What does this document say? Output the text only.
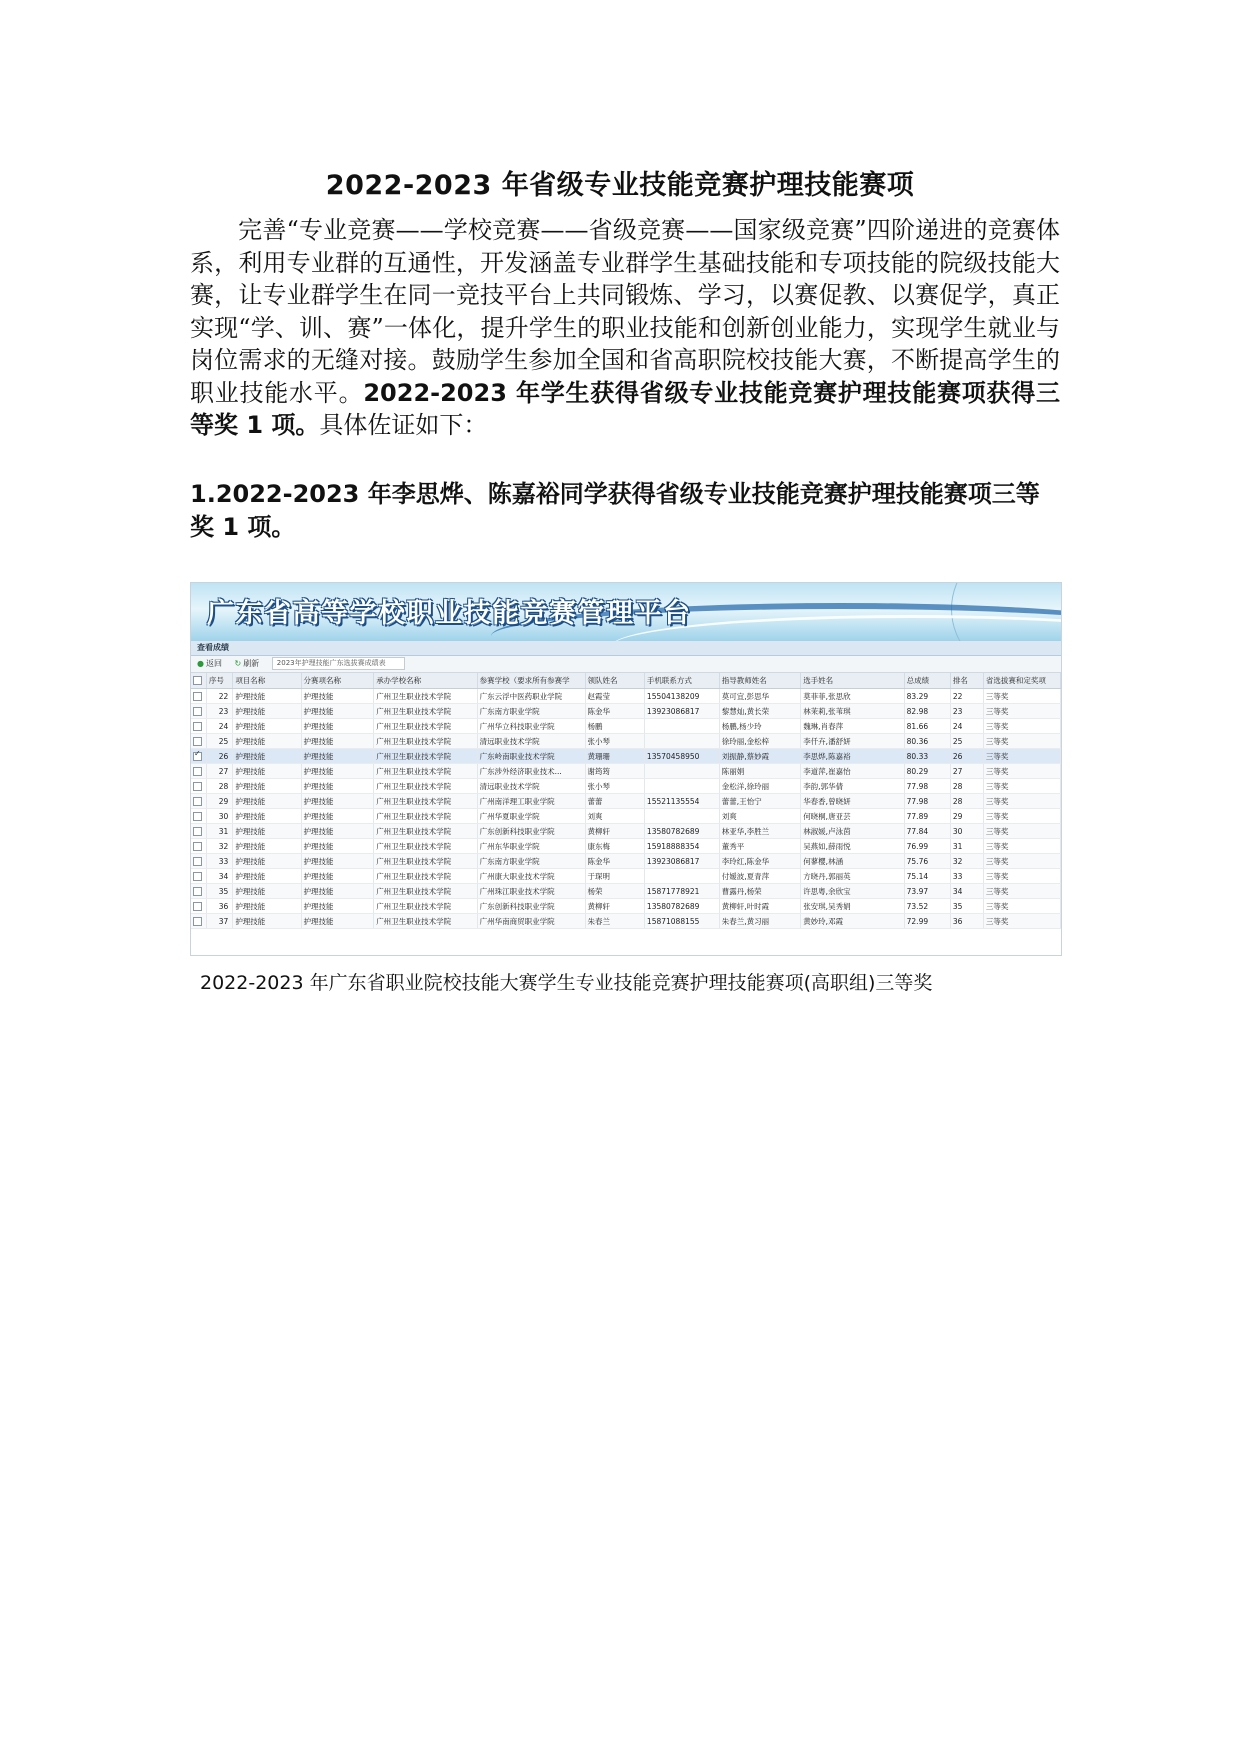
2022-2023 年省级专业技能竞赛护理技能赛项
完善“专业竞赛——学校竞赛——省级竞赛——国家级竞赛”四阶递进的竞赛体系，利用专业群的互通性，开发涵盖专业群学生基础技能和专项技能的院级技能大赛，让专业群学生在同一竞技平台上共同锻炼、学习，以赛促教、以赛促学，真正实现“学、训、赛”一体化，提升学生的职业技能和创新创业能力，实现学生就业与岗位需求的无缝对接。鼓励学生参加全国和省高职院校技能大赛，不断提高学生的职业技能水平。2022-2023 年学生获得省级专业技能竞赛护理技能赛项获得三等奖 1 项。具体佐证如下：
1.2022-2023 年李思烨、陈嘉裕同学获得省级专业技能竞赛护理技能赛项三等奖 1 项。
广东省高等学校职业技能竞赛管理平台
查看成绩
● 返回 ↻ 刷新	2023年护理技能广东选拔赛成绩表
	序号	项目名称	分赛项名称	承办学校名称	参赛学校（要求所有参赛学	领队姓名	手机联系方式	指导教师姓名	选手姓名	总成绩	排名	省选拔赛和定奖项
	22	护理技能	护理技能	广州卫生职业技术学院	广东云浮中医药职业学院	赵霞莹	15504138209	莫可宜,彭思华	莫菲菲,张思欣	83.29	22	三等奖
	23	护理技能	护理技能	广州卫生职业技术学院	广东南方职业学院	陈金华	13923086817	黎慧灿,黄长荣	林茉莉,张苇琪	82.98	23	三等奖
	24	护理技能	护理技能	广州卫生职业技术学院	广州华立科技职业学院	杨鹏		杨鹏,杨少玲	魏琳,肖春萍	81.66	24	三等奖
	25	护理技能	护理技能	广州卫生职业技术学院	清远职业技术学院	张小琴		徐玲丽,金松梓	李仟卉,潘舒妍	80.36	25	三等奖
✓	26	护理技能	护理技能	广州卫生职业技术学院	广东岭南职业技术学院	黄珊珊	13570458950	刘振静,蔡妙霞	李思烨,陈嘉裕	80.33	26	三等奖
	27	护理技能	护理技能	广州卫生职业技术学院	广东涉外经济职业技术...	谢筠筠		陈丽娟	李道萍,崔嘉怡	80.29	27	三等奖
	28	护理技能	护理技能	广州卫生职业技术学院	清远职业技术学院	张小琴		金松洋,徐玲丽	李韵,郭华倩	77.98	28	三等奖
	29	护理技能	护理技能	广州卫生职业技术学院	广州南洋理工职业学院	蕾蕾	15521135554	蕾蕾,王怡宁	华春香,曾晓妍	77.98	28	三等奖
	30	护理技能	护理技能	广州卫生职业技术学院	广州华夏职业学院	刘爽		刘爽	何晓桐,唐亚芸	77.89	29	三等奖
	31	护理技能	护理技能	广州卫生职业技术学院	广东创新科技职业学院	黄柳轩	13580782689	林亚华,李胜兰	林淑媛,卢泳茵	77.84	30	三等奖
	32	护理技能	护理技能	广州卫生职业技术学院	广州东华职业学院	康东梅	15918888354	董秀平	吴燕如,薛雨悦	76.99	31	三等奖
	33	护理技能	护理技能	广州卫生职业技术学院	广东南方职业学院	陈金华	13923086817	李玲红,陈金华	何蓼樱,林涵	75.76	32	三等奖
	34	护理技能	护理技能	广州卫生职业技术学院	广州康大职业技术学院	于琛明		付嫒波,夏青萍	方晓丹,郭丽英	75.14	33	三等奖
	35	护理技能	护理技能	广州卫生职业技术学院	广州珠江职业技术学院	杨荣	15871778921	曹露丹,杨荣	许思粤,余欣宝	73.97	34	三等奖
	36	护理技能	护理技能	广州卫生职业技术学院	广东创新科技职业学院	黄柳轩	13580782689	黄柳轩,叶时霞	张安琪,吴秀娟	73.52	35	三等奖
	37	护理技能	护理技能	广州卫生职业技术学院	广州华南商贸职业学院	朱春兰	15871088155	朱春兰,黄习丽	黄妙玲,邓霞	72.99	36	三等奖
2022-2023 年广东省职业院校技能大赛学生专业技能竞赛护理技能赛项(高职组)三等奖
